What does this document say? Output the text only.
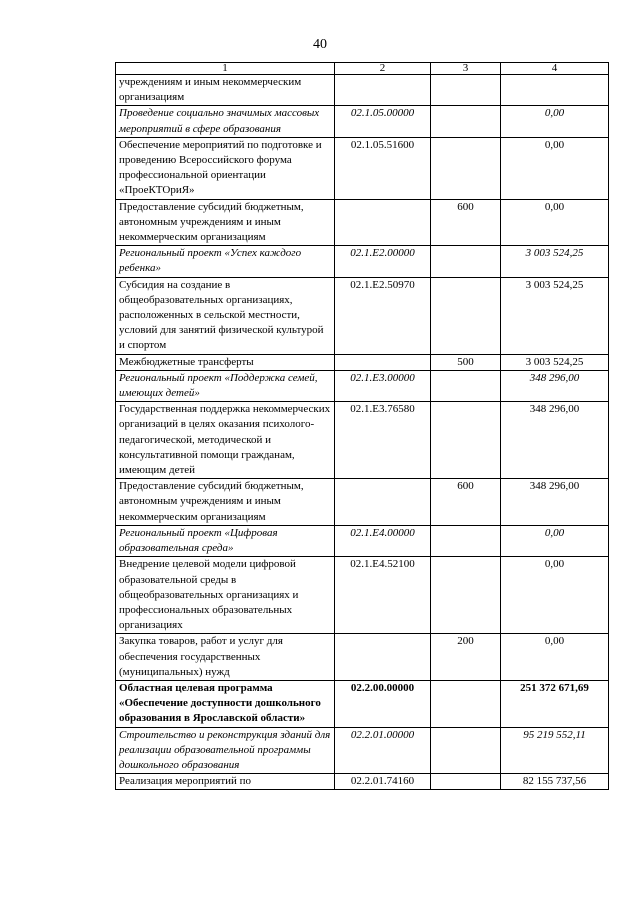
40
1	2	3	4
учреждениям и иным некоммерческим организациям			
Проведение социально значимых массовых мероприятий в сфере образования	02.1.05.00000		0,00
Обеспечение мероприятий по подготовке и проведению Всероссийского форума профессиональной ориентации «ПроеКТОриЯ»	02.1.05.51600		0,00
Предоставление субсидий бюджетным, автономным учреждениям и иным некоммерческим организациям		600	0,00
Региональный проект «Успех каждого ребенка»	02.1.E2.00000		3 003 524,25
Субсидия на создание в общеобразовательных организациях, расположенных в сельской местности, условий для занятий физической культурой и спортом	02.1.E2.50970		3 003 524,25
Межбюджетные трансферты		500	3 003 524,25
Региональный проект «Поддержка семей, имеющих детей»	02.1.E3.00000		348 296,00
Государственная поддержка некоммерческих организаций в целях оказания психолого-педагогической, методической и консультативной помощи гражданам, имеющим детей	02.1.E3.76580		348 296,00
Предоставление субсидий бюджетным, автономным учреждениям и иным некоммерческим организациям		600	348 296,00
Региональный проект «Цифровая образовательная среда»	02.1.E4.00000		0,00
Внедрение целевой модели цифровой образовательной среды в общеобразовательных организациях и профессиональных образовательных организациях	02.1.E4.52100		0,00
Закупка товаров, работ и услуг для обеспечения государственных (муниципальных) нужд		200	0,00
Областная целевая программа «Обеспечение доступности дошкольного образования в Ярославской области»	02.2.00.00000		251 372 671,69
Строительство и реконструкция зданий для реализации образовательной программы дошкольного образования	02.2.01.00000		95 219 552,11
Реализация мероприятий по	02.2.01.74160		82 155 737,56
